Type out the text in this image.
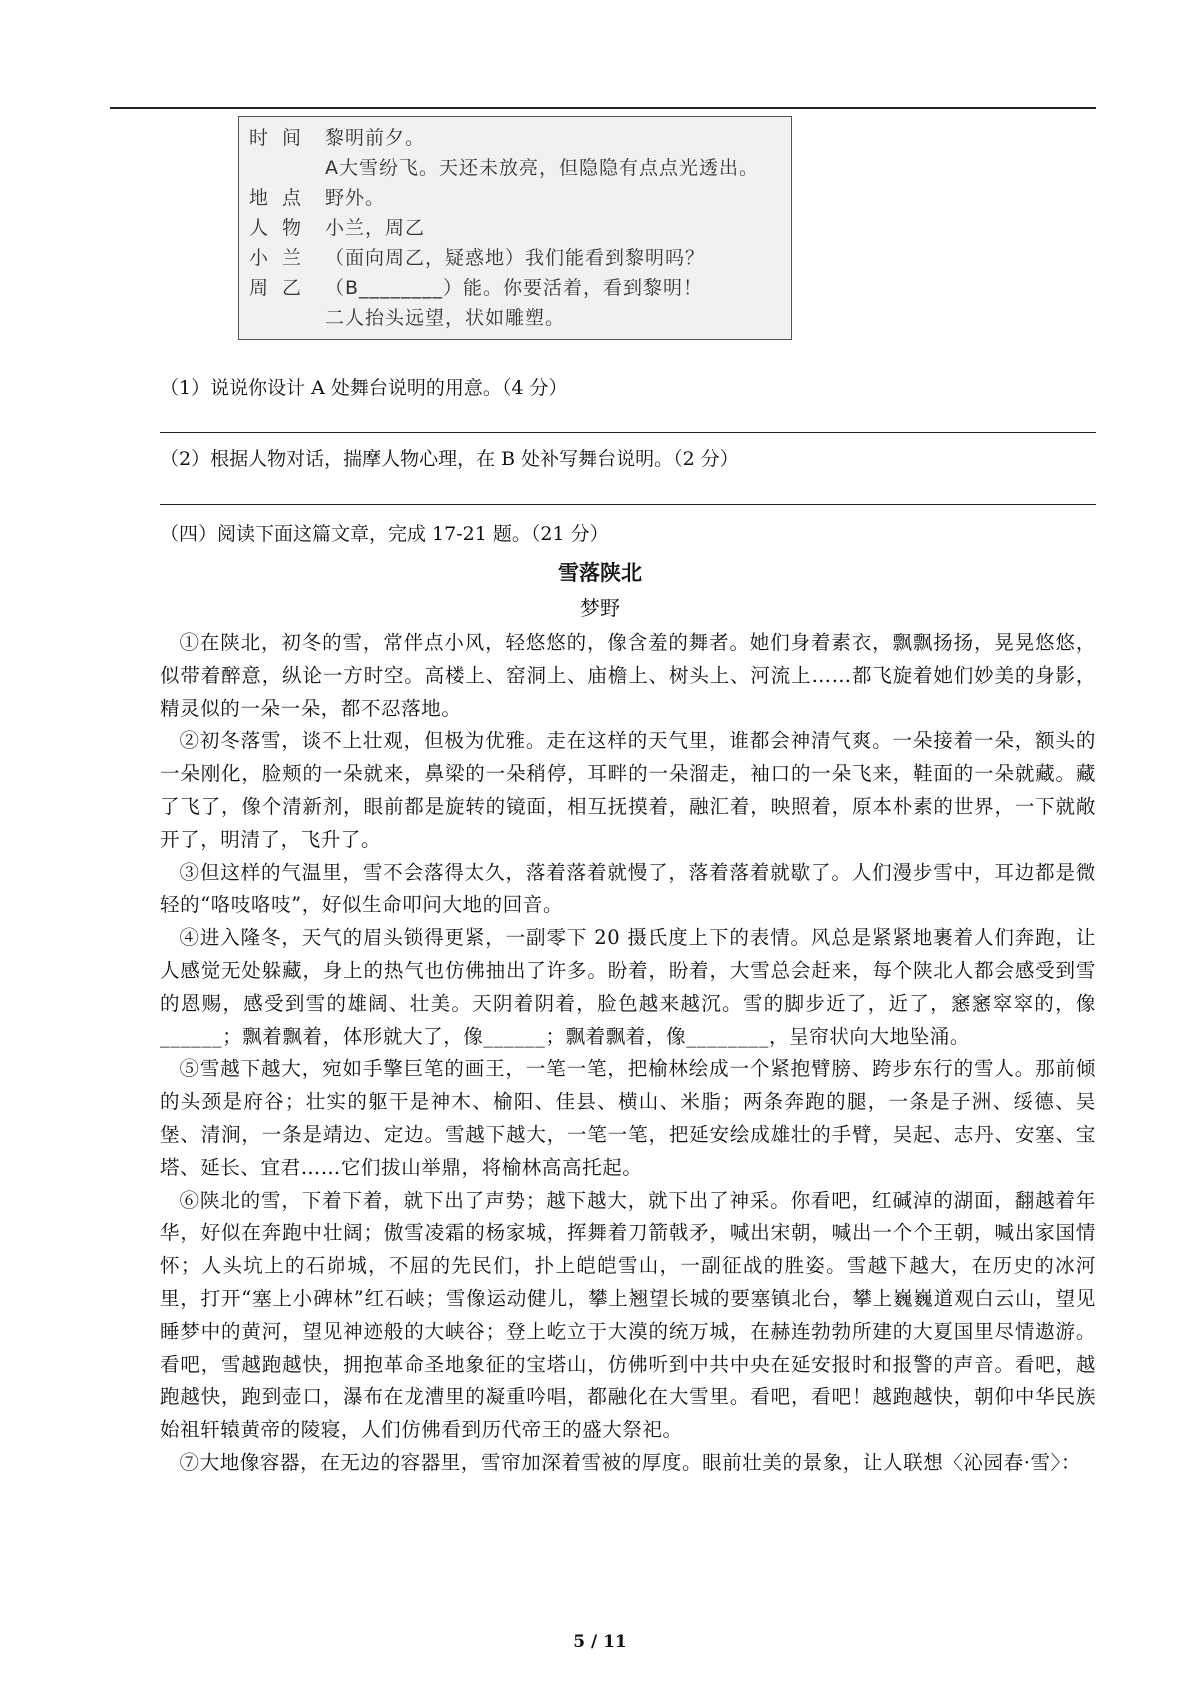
时间 黎明前夕。
A大雪纷飞。天还未放亮，但隐隐有点点光透出。
地点 野外。
人物 小兰，周乙
小兰 （面向周乙，疑惑地）我们能看到黎明吗？
周乙 （B________）能。你要活着，看到黎明！
二人抬头远望，状如雕塑。
（1）说说你设计 A 处舞台说明的用意。（4 分）
（2）根据人物对话，揣摩人物心理，在 B 处补写舞台说明。（2 分）
（四）阅读下面这篇文章，完成 17-21 题。（21 分）
雪落陕北
梦野

①在陕北，初冬的雪，常伴点小风，轻悠悠的，像含羞的舞者。她们身着素衣，飘飘扬扬，晃晃悠悠，似带着醉意，纵论一方时空。高楼上、窑洞上、庙檐上、树头上、河流上……都飞旋着她们妙美的身影，精灵似的一朵一朵，都不忍落地。

②初冬落雪，谈不上壮观，但极为优雅。走在这样的天气里，谁都会神清气爽。一朵接着一朵，额头的一朵刚化，脸颊的一朵就来，鼻梁的一朵稍停，耳畔的一朵溜走，袖口的一朵飞来，鞋面的一朵就藏。藏了飞了，像个清新剂，眼前都是旋转的镜面，相互抚摸着，融汇着，映照着，原本朴素的世界，一下就敞开了，明清了，飞升了。

③但这样的气温里，雪不会落得太久，落着落着就慢了，落着落着就歇了。人们漫步雪中，耳边都是微轻的“咯吱咯吱”，好似生命叩问大地的回音。

④进入隆冬，天气的眉头锁得更紧，一副零下 20 摄氏度上下的表情。风总是紧紧地裹着人们奔跑，让人感觉无处躲藏，身上的热气也仿佛抽出了许多。盼着，盼着，大雪总会赶来，每个陕北人都会感受到雪的恩赐，感受到雪的雄阔、壮美。天阴着阴着，脸色越来越沉。雪的脚步近了，近了，窸窸窣窣的，像______；飘着飘着，体形就大了，像______；飘着飘着，像________，呈帘状向大地坠涌。

⑤雪越下越大，宛如手擎巨笔的画王，一笔一笔，把榆林绘成一个紧抱臂膀、跨步东行的雪人。那前倾的头颈是府谷；壮实的躯干是神木、榆阳、佳县、横山、米脂；两条奔跑的腿，一条是子洲、绥德、吴堡、清涧，一条是靖边、定边。雪越下越大，一笔一笔，把延安绘成雄壮的手臂，吴起、志丹、安塞、宝塔、延长、宜君……它们拔山举鼎，将榆林高高托起。

⑥陕北的雪，下着下着，就下出了声势；越下越大，就下出了神采。你看吧，红碱淖的湖面，翻越着年华，好似在奔跑中壮阔；傲雪凌霜的杨家城，挥舞着刀箭戟矛，喊出宋朝，喊出一个个王朝，喊出家国情怀；人头坑上的石峁城，不屈的先民们，扑上皑皑雪山，一副征战的胜姿。雪越下越大，在历史的冰河里，打开“塞上小碑林”红石峡；雪像运动健儿，攀上翘望长城的要塞镇北台，攀上巍巍道观白云山，望见睡梦中的黄河，望见神迹般的大峡谷；登上屹立于大漠的统万城，在赫连勃勃所建的大夏国里尽情遨游。看吧，雪越跑越快，拥抱革命圣地象征的宝塔山，仿佛听到中共中央在延安报时和报警的声音。看吧，越跑越快，跑到壶口，瀑布在龙漕里的凝重吟唱，都融化在大雪里。看吧，看吧！越跑越快，朝仰中华民族始祖轩辕黄帝的陵寝，人们仿佛看到历代帝王的盛大祭祀。

⑦大地像容器，在无边的容器里，雪帘加深着雪被的厚度。眼前壮美的景象，让人联想〈沁园春·雪〉：

5 / 11
